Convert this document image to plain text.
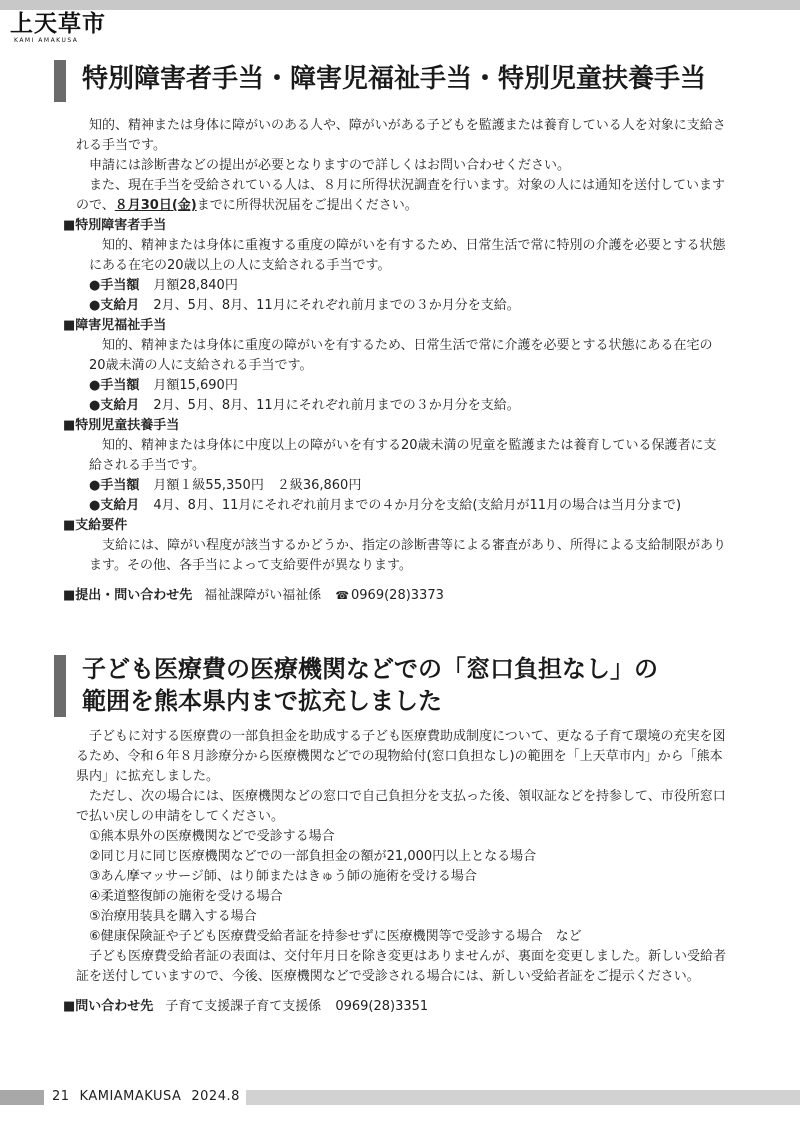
上天草市
KAMI AMAKUSA
特別障害者手当・障害児福祉手当・特別児童扶養手当

知的、精神または身体に障がいのある人や、障がいがある子どもを監護または養育している人を対象に支給される手当です。

申請には診断書などの提出が必要となりますので詳しくはお問い合わせください。

また、現在手当を受給されている人は、８月に所得状況調査を行います。対象の人には通知を送付していますので、８月30日(金)までに所得状況届をご提出ください。

■特別障害者手当

知的、精神または身体に重複する重度の障がいを有するため、日常生活で常に特別の介護を必要とする状態にある在宅の20歳以上の人に支給される手当です。

●手当額 月額28,840円

●支給月 2月、5月、8月、11月にそれぞれ前月までの３か月分を支給。

■障害児福祉手当

知的、精神または身体に重度の障がいを有するため、日常生活で常に介護を必要とする状態にある在宅の20歳未満の人に支給される手当です。

●手当額 月額15,690円

●支給月 2月、5月、8月、11月にそれぞれ前月までの３か月分を支給。

■特別児童扶養手当

知的、精神または身体に中度以上の障がいを有する20歳未満の児童を監護または養育している保護者に支給される手当です。

●手当額 月額１級55,350円　２級36,860円

●支給月 4月、8月、11月にそれぞれ前月までの４か月分を支給(支給月が11月の場合は当月分まで)

■支給要件

支給には、障がい程度が該当するかどうか、指定の診断書等による審査があり、所得による支給制限があります。その他、各手当によって支給要件が異なります。

■提出・問い合わせ先 福祉課障がい福祉係 ☎ 0969(28)3373

子ども医療費の医療機関などでの「窓口負担なし」の
範囲を熊本県内まで拡充しました

子どもに対する医療費の一部負担金を助成する子ども医療費助成制度について、更なる子育て環境の充実を図るため、令和６年８月診療分から医療機関などでの現物給付(窓口負担なし)の範囲を「上天草市内」から「熊本県内」に拡充しました。

ただし、次の場合には、医療機関などの窓口で自己負担分を支払った後、領収証などを持参して、市役所窓口で払い戻しの申請をしてください。

①熊本県外の医療機関などで受診する場合

②同じ月に同じ医療機関などでの一部負担金の額が21,000円以上となる場合

③あん摩マッサージ師、はり師またはきゅう師の施術を受ける場合

④柔道整復師の施術を受ける場合

⑤治療用装具を購入する場合

⑥健康保険証や子ども医療費受給者証を持参せずに医療機関等で受診する場合　など

子ども医療費受給者証の表面は、交付年月日を除き変更はありませんが、裏面を変更しました。新しい受給者証を送付していますので、今後、医療機関などで受診される場合には、新しい受給者証をご提示ください。

■問い合わせ先 子育て支援課子育て支援係 0969(28)3351

21 KAMIAMAKUSA 2024.8
